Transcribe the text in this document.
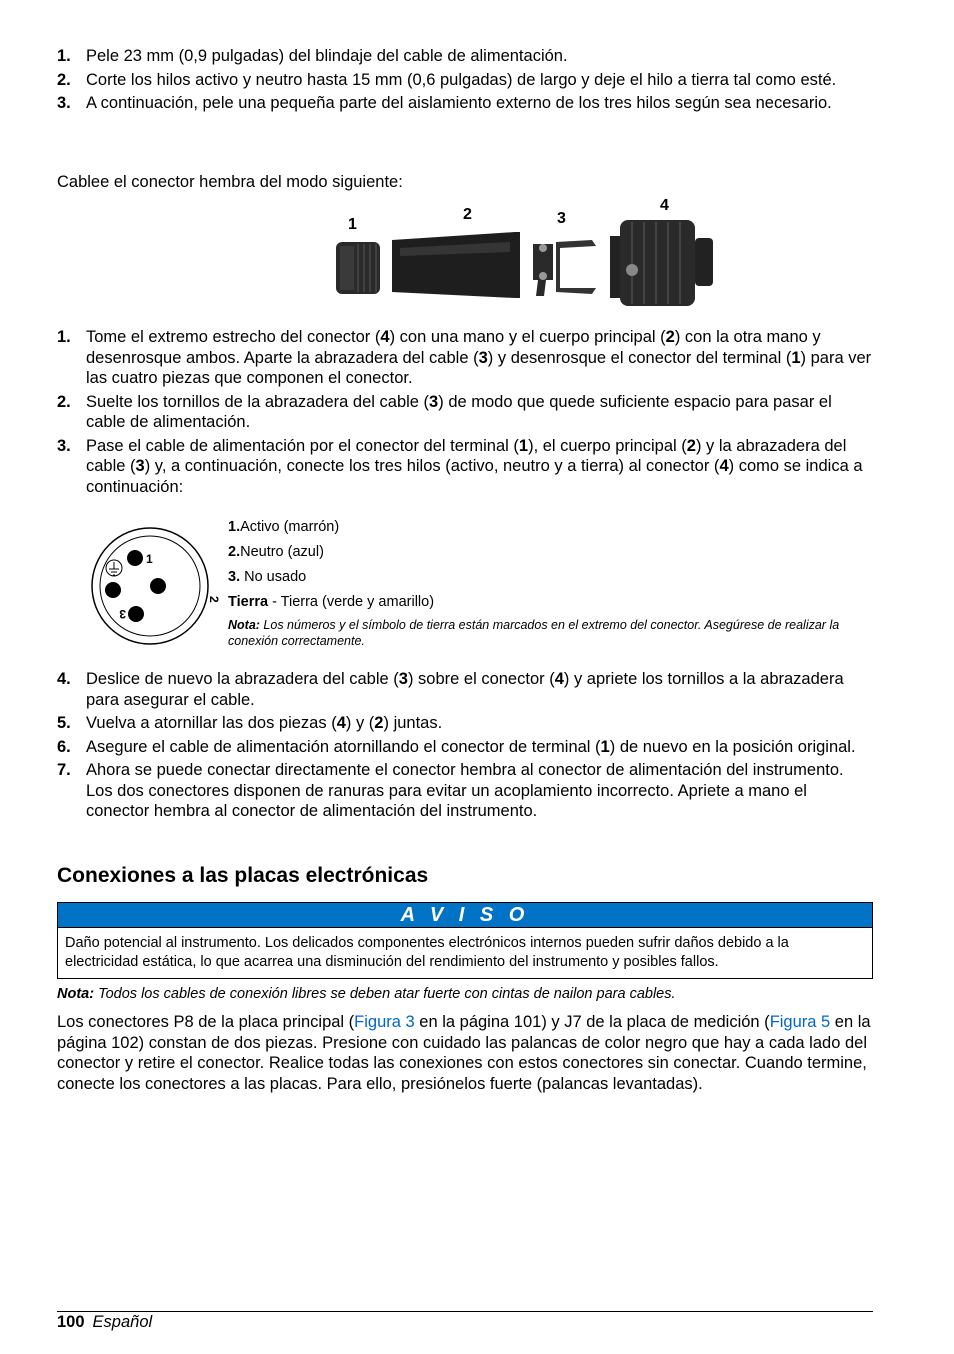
1. Pele 23 mm (0,9 pulgadas) del blindaje del cable de alimentación.
2. Corte los hilos activo y neutro hasta 15 mm (0,6 pulgadas) de largo y deje el hilo a tierra tal como esté.
3. A continuación, pele una pequeña parte del aislamiento externo de los tres hilos según sea necesario.

Cablee el conector hembra del modo siguiente:

1
2	3
4
1. Tome el extremo estrecho del conector (4) con una mano y el cuerpo principal (2) con la otra mano y desenrosque ambos. Aparte la abrazadera del cable (3) y desenrosque el conector del terminal (1) para ver las cuatro piezas que componen el conector.
2. Suelte los tornillos de la abrazadera del cable (3) de modo que quede suficiente espacio para pasar el cable de alimentación.
3. Pase el cable de alimentación por el conector del terminal (1), el cuerpo principal (2) y la abrazadera del cable (3) y, a continuación, conecte los tres hilos (activo, neutro y a tierra) al conector (4) como se indica a continuación:
1
2
3
1.Activo (marrón)
2.Neutro (azul)
3. No usado
Tierra - Tierra (verde y amarillo)
Nota: Los números y el símbolo de tierra están marcados en el extremo del conector. Asegúrese de realizar la conexión correctamente.
4. Deslice de nuevo la abrazadera del cable (3) sobre el conector (4) y apriete los tornillos a la abrazadera para asegurar el cable.
5. Vuelva a atornillar las dos piezas (4) y (2) juntas.
6. Asegure el cable de alimentación atornillando el conector de terminal (1) de nuevo en la posición original.
7. Ahora se puede conectar directamente el conector hembra al conector de alimentación del instrumento. Los dos conectores disponen de ranuras para evitar un acoplamiento incorrecto. Apriete a mano el conector hembra al conector de alimentación del instrumento.
Conexiones a las placas electrónicas
A V I S O
Daño potencial al instrumento. Los delicados componentes electrónicos internos pueden sufrir daños debido a la electricidad estática, lo que acarrea una disminución del rendimiento del instrumento y posibles fallos.
Nota: Todos los cables de conexión libres se deben atar fuerte con cintas de nailon para cables.

Los conectores P8 de la placa principal (Figura 3 en la página 101) y J7 de la placa de medición (Figura 5 en la página 102) constan de dos piezas. Presione con cuidado las palancas de color negro que hay a cada lado del conector y retire el conector. Realice todas las conexiones con estos conectores sin conectar. Cuando termine, conecte los conectores a las placas. Para ello, presiónelos fuerte (palancas levantadas).

100 Español
